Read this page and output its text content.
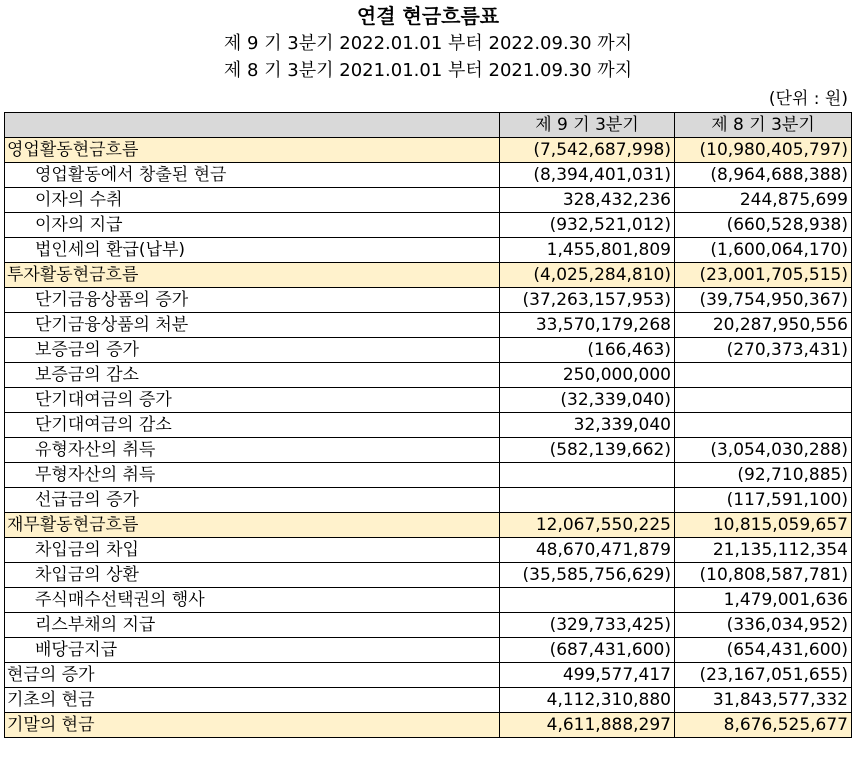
연결 현금흐름표
제 9 기 3분기 2022.01.01 부터 2022.09.30 까지
제 8 기 3분기 2021.01.01 부터 2021.09.30 까지
(단위 : 원)
	제 9 기 3분기	제 8 기 3분기
영업활동현금흐름	(7,542,687,998)	(10,980,405,797)
영업활동에서 창출된 현금	(8,394,401,031)	(8,964,688,388)
이자의 수취	328,432,236	244,875,699
이자의 지급	(932,521,012)	(660,528,938)
법인세의 환급(납부)	1,455,801,809	(1,600,064,170)
투자활동현금흐름	(4,025,284,810)	(23,001,705,515)
단기금융상품의 증가	(37,263,157,953)	(39,754,950,367)
단기금융상품의 처분	33,570,179,268	20,287,950,556
보증금의 증가	(166,463)	(270,373,431)
보증금의 감소	250,000,000	
단기대여금의 증가	(32,339,040)	
단기대여금의 감소	32,339,040	
유형자산의 취득	(582,139,662)	(3,054,030,288)
무형자산의 취득		(92,710,885)
선급금의 증가		(117,591,100)
재무활동현금흐름	12,067,550,225	10,815,059,657
차입금의 차입	48,670,471,879	21,135,112,354
차입금의 상환	(35,585,756,629)	(10,808,587,781)
주식매수선택권의 행사		1,479,001,636
리스부채의 지급	(329,733,425)	(336,034,952)
배당금지급	(687,431,600)	(654,431,600)
현금의 증가	499,577,417	(23,167,051,655)
기초의 현금	4,112,310,880	31,843,577,332
기말의 현금	4,611,888,297	8,676,525,677
